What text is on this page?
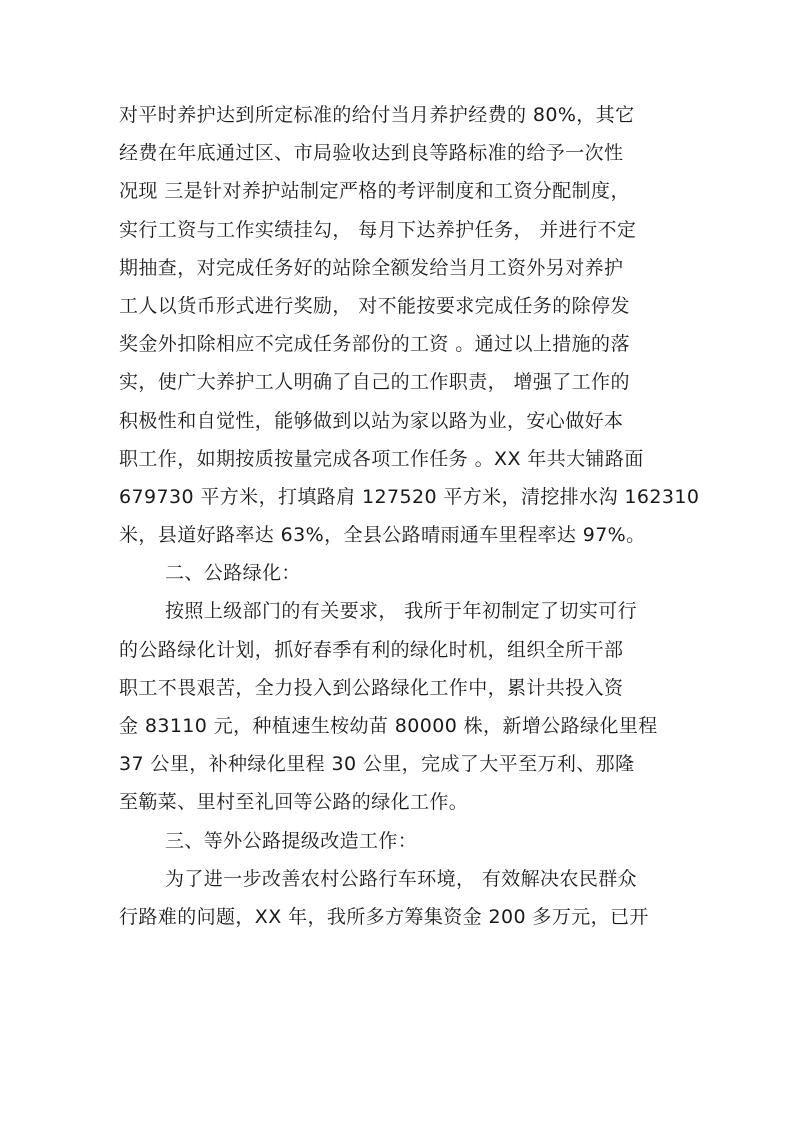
对平时养护达到所定标准的给付当月养护经费的 80%，其它
经费在年底通过区、市局验收达到良等路标准的给予一次性
况现 三是针对养护站制定严格的考评制度和工资分配制度，
实行工资与工作实绩挂勾， 每月下达养护任务， 并进行不定
期抽查，对完成任务好的站除全额发给当月工资外另对养护
工人以货币形式进行奖励， 对不能按要求完成任务的除停发
奖金外扣除相应不完成任务部份的工资 。通过以上措施的落
实，使广大养护工人明确了自己的工作职责， 增强了工作的
积极性和自觉性，能够做到以站为家以路为业，安心做好本
职工作，如期按质按量完成各项工作任务 。XX 年共大铺路面
679730 平方米，打填路肩 127520 平方米，清挖排水沟 162310
米，县道好路率达 63%，全县公路晴雨通车里程率达 97%。
二、公路绿化：
按照上级部门的有关要求， 我所于年初制定了切实可行
的公路绿化计划，抓好春季有利的绿化时机，组织全所干部
职工不畏艰苦，全力投入到公路绿化工作中，累计共投入资
金 83110 元，种植速生桉幼苗 80000 株，新增公路绿化里程
37 公里，补种绿化里程 30 公里，完成了大平至万利、那隆
至簕菜、里村至礼回等公路的绿化工作。
三、等外公路提级改造工作：
为了进一步改善农村公路行车环境， 有效解决农民群众
行路难的问题，XX 年，我所多方筹集资金 200 多万元，已开
